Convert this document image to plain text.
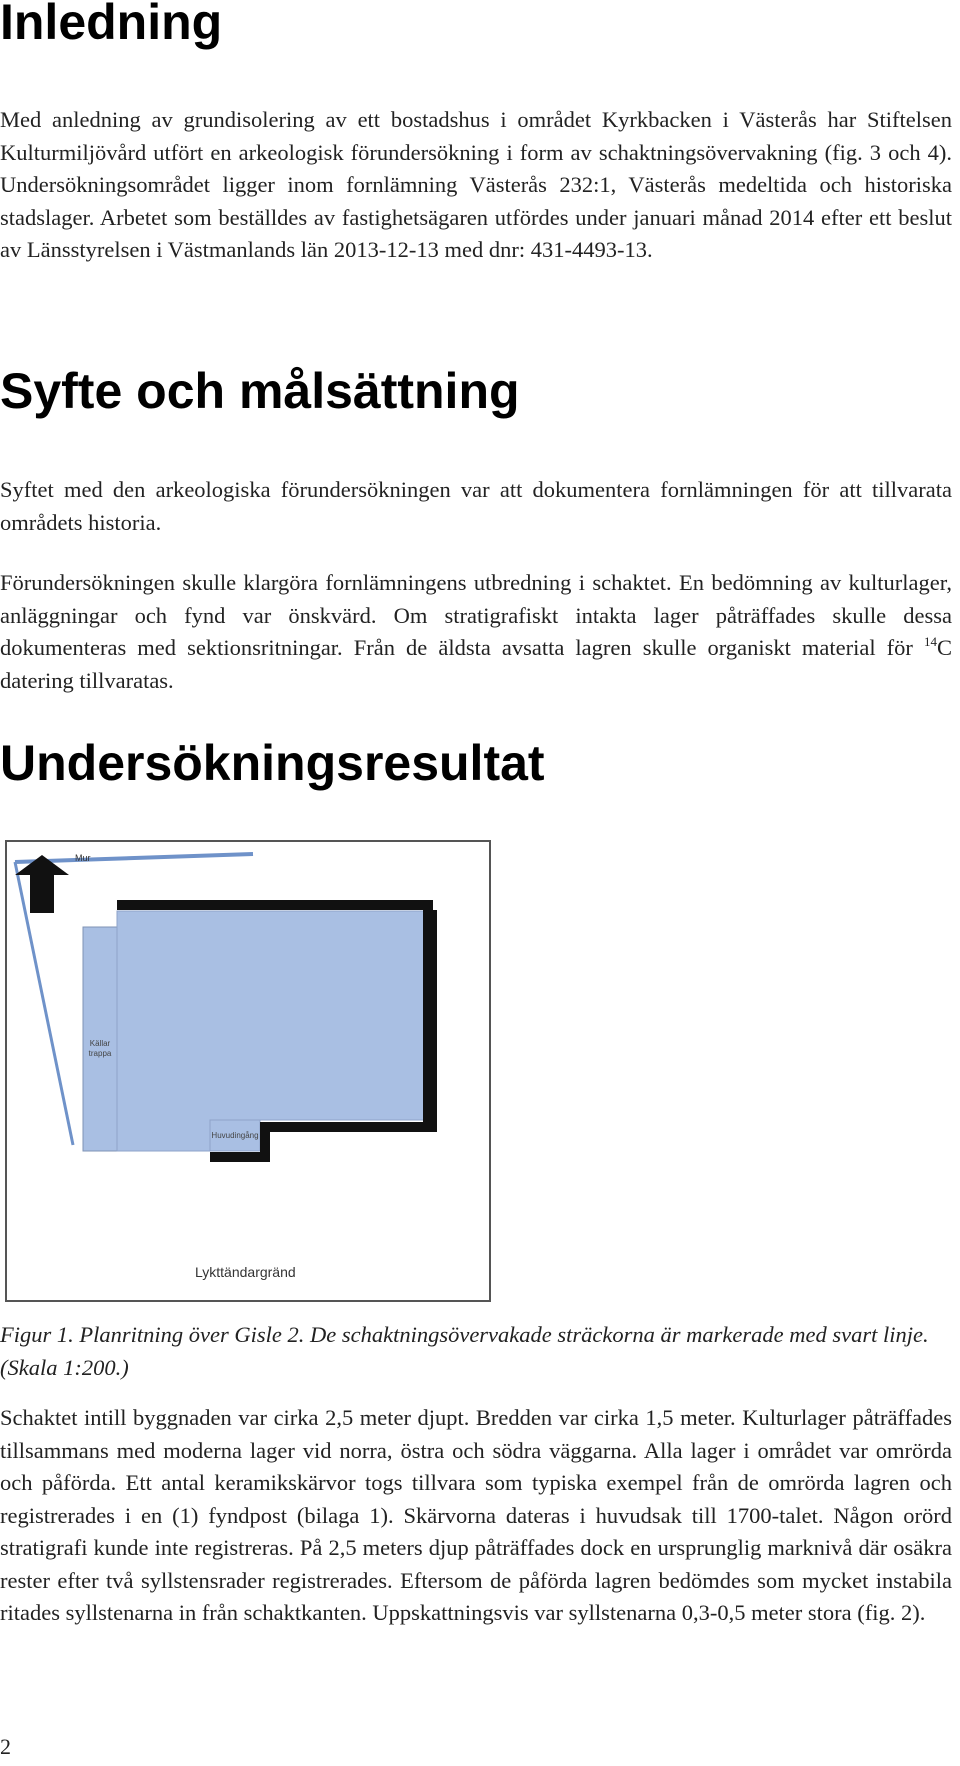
Inledning

Med anledning av grundisolering av ett bostadshus i området Kyrkbacken i Västerås har Stiftelsen Kulturmiljövård utfört en arkeologisk förundersökning i form av schaktningsövervakning (fig. 3 och 4). Undersökningsområdet ligger inom fornlämning Västerås 232:1, Västerås medeltida och historiska stadslager. Arbetet som beställdes av fastighetsägaren utfördes under januari månad 2014 efter ett beslut av Länsstyrelsen i Västmanlands län 2013-12-13 med dnr: 431-4493-13.

Syfte och målsättning

Syftet med den arkeologiska förundersökningen var att dokumentera fornlämningen för att tillvarata områdets historia.

Förundersökningen skulle klargöra fornlämningens utbredning i schaktet. En bedömning av kulturlager, anläggningar och fynd var önskvärd. Om stratigrafiskt intakta lager påträffades skulle dessa dokumenteras med sektionsritningar. Från de äldsta avsatta lagren skulle organiskt material för $^{14}$C datering tillvaratas.

Undersökningsresultat
Mur
Källar
trappa
Huvudingång
Lykttändargränd

Figur 1. Planritning över Gisle 2. De schaktningsövervakade sträckorna är markerade med svart linje. (Skala 1:200.)

Schaktet intill byggnaden var cirka 2,5 meter djupt. Bredden var cirka 1,5 meter. Kulturlager påträffades tillsammans med moderna lager vid norra, östra och södra väggarna. Alla lager i området var omrörda och påförda. Ett antal keramikskärvor togs tillvara som typiska exempel från de omrörda lagren och registrerades i en (1) fyndpost (bilaga 1). Skärvorna dateras i huvudsak till 1700-talet. Någon orörd stratigrafi kunde inte registreras. På 2,5 meters djup påträffades dock en ursprunglig marknivå där osäkra rester efter två syllstensrader registrerades. Eftersom de påförda lagren bedömdes som mycket instabila ritades syllstenarna in från schaktkanten. Uppskattningsvis var syllstenarna 0,3-0,5 meter stora (fig. 2).

2
